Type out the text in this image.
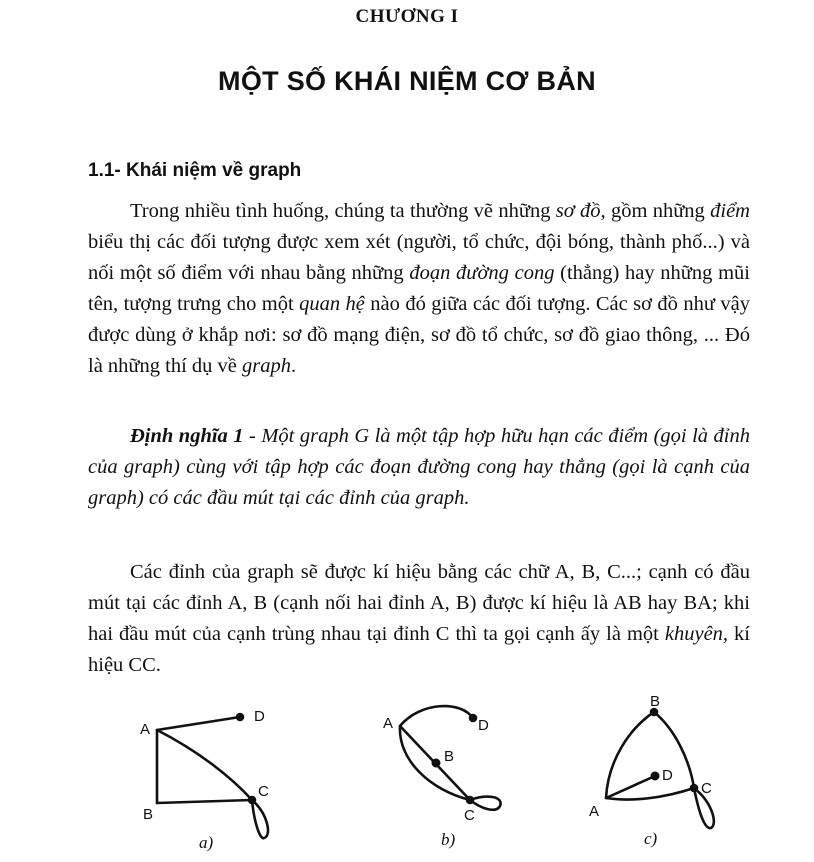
CHƯƠNG I
MỘT SỐ KHÁI NIỆM CƠ BẢN
1.1- Khái niệm về graph

Trong nhiều tình huống, chúng ta thường vẽ những sơ đồ, gồm những điểm biểu thị các đối tượng được xem xét (người, tổ chức, đội bóng, thành phố...) và nối một số điểm với nhau bằng những đoạn đường cong (thẳng) hay những mũi tên, tượng trưng cho một quan hệ nào đó giữa các đối tượng. Các sơ đồ như vậy được dùng ở khắp nơi: sơ đồ mạng điện, sơ đồ tổ chức, sơ đồ giao thông, ... Đó là những thí dụ về graph.

Định nghĩa 1 - Một graph G là một tập hợp hữu hạn các điểm (gọi là đỉnh của graph) cùng với tập hợp các đoạn đường cong hay thẳng (gọi là cạnh của graph) có các đầu mút tại các đỉnh của graph.

Các đỉnh của graph sẽ được kí hiệu bằng các chữ A, B, C...; cạnh có đầu mút tại các đỉnh A, B (cạnh nối hai đỉnh A, B) được kí hiệu là AB hay BA; khi hai đầu mút của cạnh trùng nhau tại đỉnh C thì ta gọi cạnh ấy là một khuyên, kí hiệu CC.

A
D
B
C
a)
A	D
B
C
b)
B
D
A
C
c)
